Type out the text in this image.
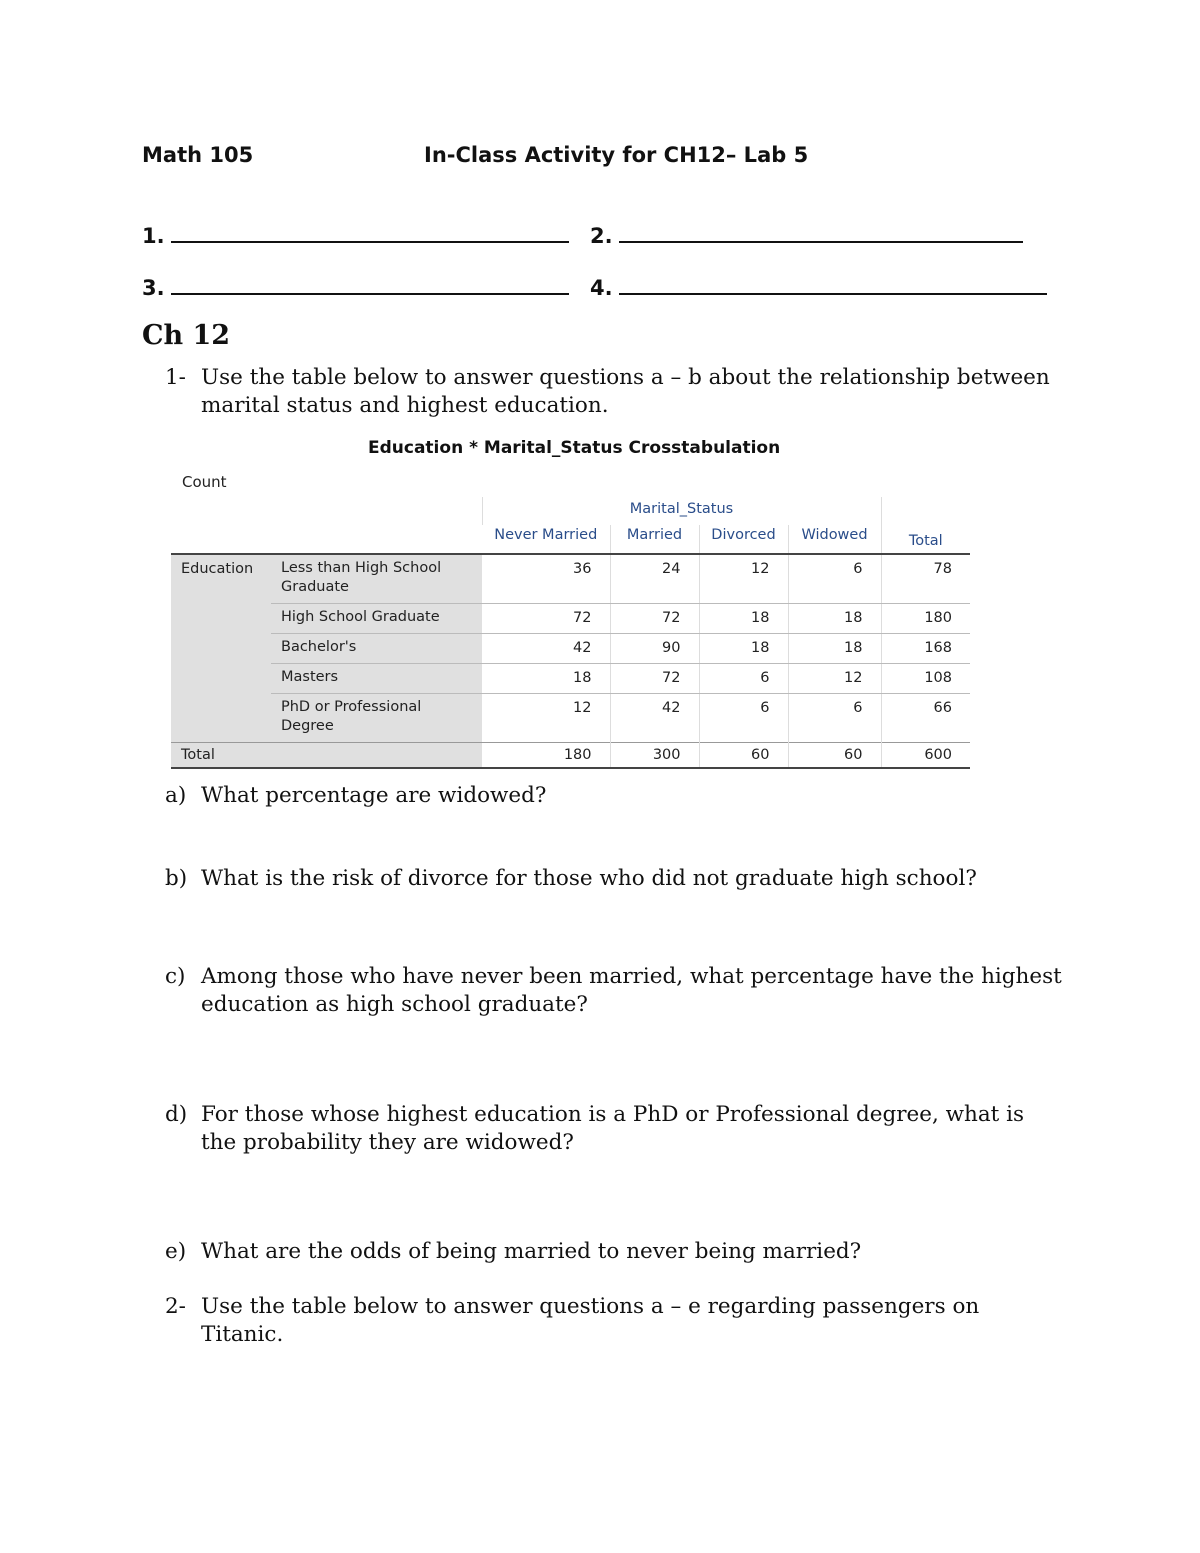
Math 105	In-Class Activity for CH12– Lab 5
1.	2.
3.	4.
Ch 12
1- Use the table below to answer questions a – b about the relationship between marital status and highest education.
Education * Marital_Status Crosstabulation
Count
		Marital_Status				Total
		Never Married	Married	Divorced	Widowed	
Education	Less than High School Graduate	36	24	12	6	78
	High School Graduate	72	72	18	18	180
	Bachelor's	42	90	18	18	168
	Masters	18	72	6	12	108
	PhD or Professional Degree	12	42	6	6	66
Total		180	300	60	60	600
a) What percentage are widowed?
b) What is the risk of divorce for those who did not graduate high school?
c) Among those who have never been married, what percentage have the highest education as high school graduate?
d) For those whose highest education is a PhD or Professional degree, what is the probability they are widowed?
e) What are the odds of being married to never being married?
2- Use the table below to answer questions a – e regarding passengers on Titanic.
